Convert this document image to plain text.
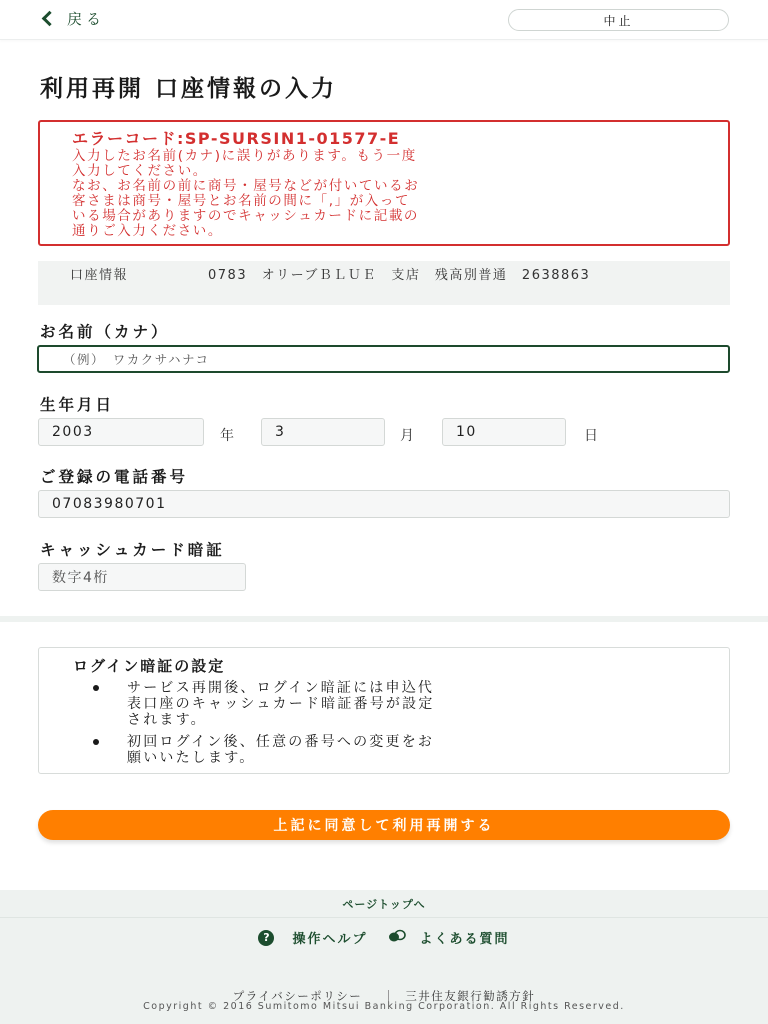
戻る	中止
利用再開 口座情報の入力
エラーコード:SP-SURSIN1-01577-E
入力したお名前(カナ)に誤りがあります。もう一度
入力してください。
なお、お名前の前に商号・屋号などが付いているお
客さまは商号・屋号とお名前の間に「,」が入って
いる場合がありますのでキャッシュカードに記載の
通りご入力ください。
口座情報	0783　オリーブＢＬＵＥ　支店　残高別普通　2638863
お名前（カナ）
（例）　ワカクサハナコ
生年月日
2003	年	3	月	10	日
ご登録の電話番号
07083980701
キャッシュカード暗証
数字4桁
ログイン暗証の設定
サービス再開後、ログイン暗証には申込代
表口座のキャッシュカード暗証番号が設定
されます。
初回ログイン後、任意の番号への変更をお
願いいたします。
上記に同意して利用再開する
ページトップへ
?	操作ヘルプ	よくある質問
プライバシーポリシー	三井住友銀行勧誘方針
Copyright © 2016 Sumitomo Mitsui Banking Corporation. All Rights Reserved.
